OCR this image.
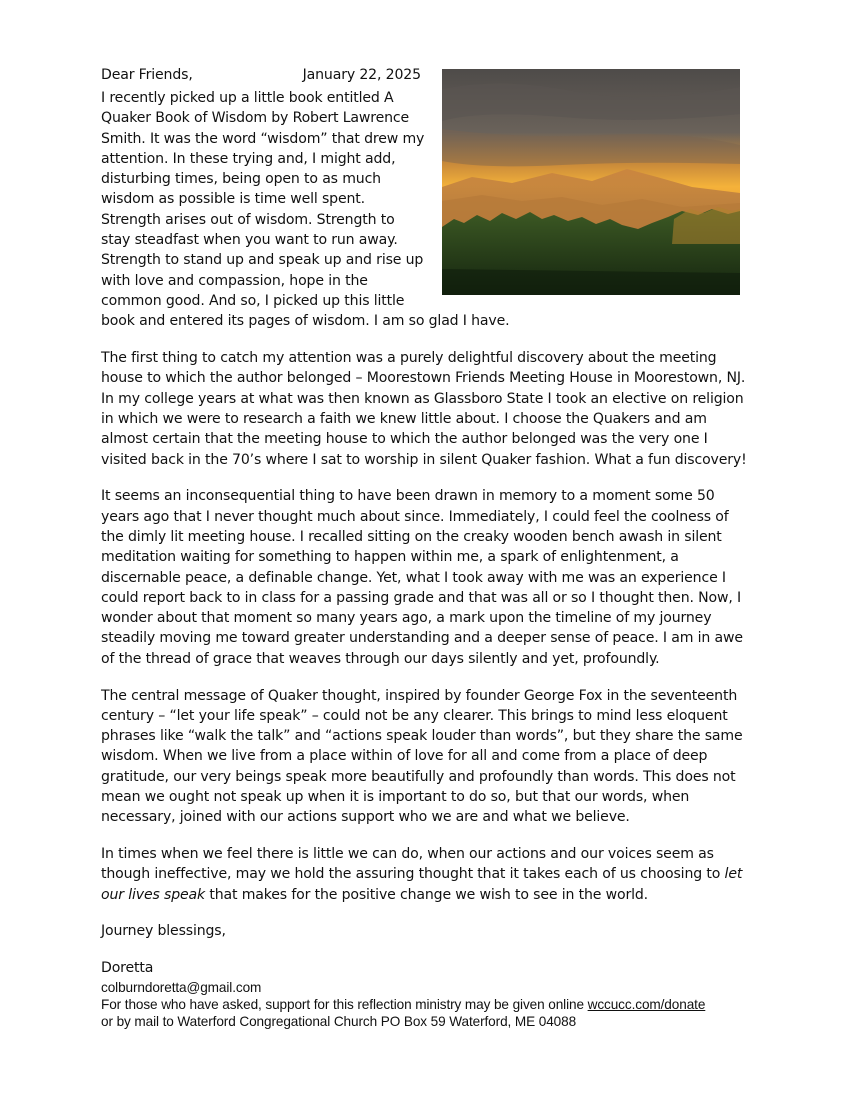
Dear Friends,	January 22, 2025

I recently picked up a little book entitled A Quaker Book of Wisdom by Robert Lawrence Smith. It was the word “wisdom” that drew my attention. In these trying and, I might add, disturbing times, being open to as much wisdom as possible is time well spent. Strength arises out of wisdom. Strength to stay steadfast when you want to run away. Strength to stand up and speak up and rise up with love and compassion, hope in the common good. And so, I picked up this little book and entered its pages of wisdom. I am so glad I have.

The first thing to catch my attention was a purely delightful discovery about the meeting house to which the author belonged – Moorestown Friends Meeting House in Moorestown, NJ. In my college years at what was then known as Glassboro State I took an elective on religion in which we were to research a faith we knew little about. I choose the Quakers and am almost certain that the meeting house to which the author belonged was the very one I visited back in the 70’s where I sat to worship in silent Quaker fashion. What a fun discovery!

It seems an inconsequential thing to have been drawn in memory to a moment some 50 years ago that I never thought much about since. Immediately, I could feel the coolness of the dimly lit meeting house. I recalled sitting on the creaky wooden bench awash in silent meditation waiting for something to happen within me, a spark of enlightenment, a discernable peace, a definable change. Yet, what I took away with me was an experience I could report back to in class for a passing grade and that was all or so I thought then. Now, I wonder about that moment so many years ago, a mark upon the timeline of my journey steadily moving me toward greater understanding and a deeper sense of peace. I am in awe of the thread of grace that weaves through our days silently and yet, profoundly.

The central message of Quaker thought, inspired by founder George Fox in the seventeenth century – “let your life speak” – could not be any clearer. This brings to mind less eloquent phrases like “walk the talk” and “actions speak louder than words”, but they share the same wisdom. When we live from a place within of love for all and come from a place of deep gratitude, our very beings speak more beautifully and profoundly than words. This does not mean we ought not speak up when it is important to do so, but that our words, when necessary, joined with our actions support who we are and what we believe.

In times when we feel there is little we can do, when our actions and our voices seem as though ineffective, may we hold the assuring thought that it takes each of us choosing to let our lives speak that makes for the positive change we wish to see in the world.

Journey blessings,

Doretta

colburndoretta@gmail.com
For those who have asked, support for this reflection ministry may be given online wccucc.com/donate
or by mail to Waterford Congregational Church PO Box 59 Waterford, ME 04088
